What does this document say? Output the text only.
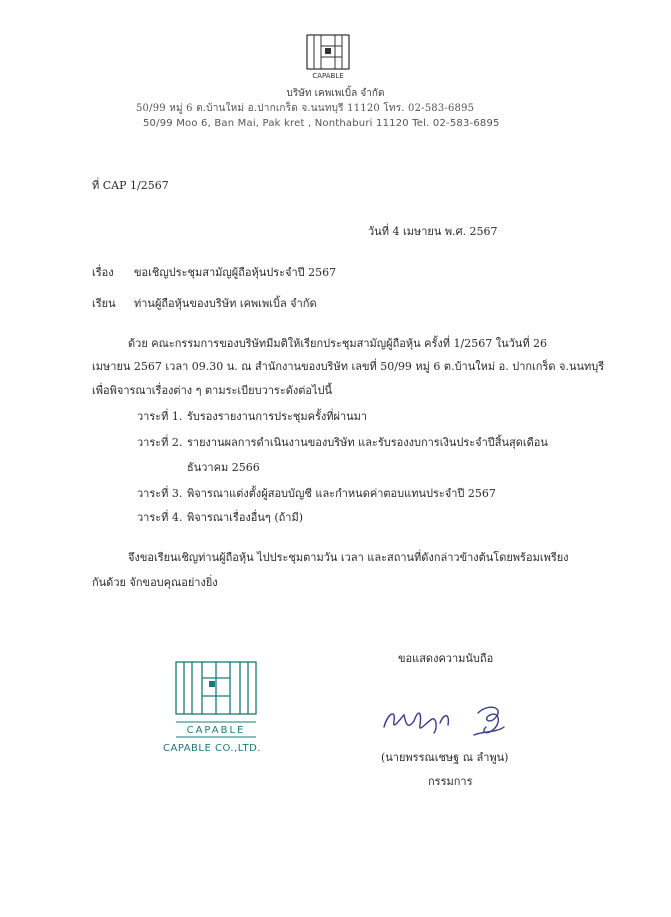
CAPABLE
บริษัท เคพเพเบิ้ล จำกัด
50/99 หมู่ 6 ต.บ้านใหม่ อ.ปากเกร็ด จ.นนทบุรี 11120 โทร. 02-583-6895
50/99 Moo 6, Ban Mai, Pak kret , Nonthaburi 11120 Tel. 02-583-6895
ที่ CAP 1/2567
วันที่ 4 เมษายน พ.ศ. 2567
เรื่อง ขอเชิญประชุมสามัญผู้ถือหุ้นประจำปี 2567
เรียน ท่านผู้ถือหุ้นของบริษัท เคพเพเบิ้ล จำกัด
ด้วย คณะกรรมการของบริษัทมีมติให้เรียกประชุมสามัญผู้ถือหุ้น ครั้งที่ 1/2567 ในวันที่ 26
เมษายน 2567 เวลา 09.30 น. ณ สำนักงานของบริษัท เลขที่ 50/99 หมู่ 6 ต.บ้านใหม่ อ. ปากเกร็ด จ.นนทบุรี
เพื่อพิจารณาเรื่องต่าง ๆ ตามระเบียบวาระดังต่อไปนี้
วาระที่ 1. รับรองรายงานการประชุมครั้งที่ผ่านมา
วาระที่ 2. รายงานผลการดำเนินงานของบริษัท และรับรองงบการเงินประจำปีสิ้นสุดเดือน
ธันวาคม 2566
วาระที่ 3. พิจารณาแต่งตั้งผู้สอบบัญชี และกำหนดค่าตอบแทนประจำปี 2567
วาระที่ 4. พิจารณาเรื่องอื่นๆ (ถ้ามี)
จึงขอเรียนเชิญท่านผู้ถือหุ้น ไปประชุมตามวัน เวลา และสถานที่ดังกล่าวข้างต้นโดยพร้อมเพรียง
กันด้วย จักขอบคุณอย่างยิ่ง
ขอแสดงความนับถือ
CAPABLE
CAPABLE CO.,LTD.
(นายพรรณเชษฐ ณ ลำพูน)
กรรมการ
